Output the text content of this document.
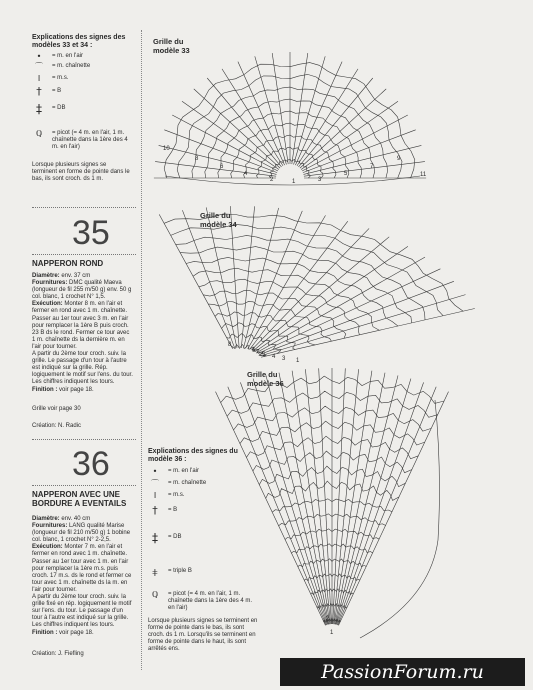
Explications des signes des modèles 33 et 34 :
•	= m. en l'air
⌒	= m. chaînette
I	= m.s.
†	= B
‡	= DB
ℚ	= picot (= 4 m. en l'air, 1 m. chaînette dans la 1ère des 4 m. en l'air)
Lorsque plusieurs signes se terminent en forme de pointe dans le bas, ils sont croch. ds 1 m.
35
NAPPERON ROND
Diamètre: env. 37 cm
Fournitures: DMC qualité Maeva (longueur de fil 255 m/50 g) env. 50 g col. blanc, 1 crochet N° 1,5.
Exécution: Monter 8 m. en l'air et fermer en rond avec 1 m. chaînette. Passer au 1er tour avec 3 m. en l'air pour remplacer la 1ère B puis croch. 23 B ds le rond. Fermer ce tour avec 1 m. chaînette ds la dernière m. en l'air pour tourner.
A partir du 2ème tour croch. suiv. la grille. Le passage d'un tour à l'autre est indiqué sur la grille. Rép. logiquement le motif sur l'ens. du tour. Les chiffres indiquent les tours.
Finition : voir page 18.
Grille voir page 30
Création: N. Radic
36
NAPPERON AVEC UNE BORDURE A EVENTAILS
Diamètre: env. 40 cm
Fournitures: LANG qualité Marise (longueur de fil 210 m/50 g) 1 bobine col. blanc, 1 crochet N° 2-2,5.
Exécution: Monter 7 m. en l'air et fermer en rond avec 1 m. chaînette. Passer au 1er tour avec 1 m. en l'air pour remplacer la 1ère m.s. puis croch. 17 m.s. ds le rond et fermer ce tour avec 1 m. chaînette ds la m. en l'air pour tourner.
A partir du 2ème tour croch. suiv. la grille fixé en rép. logiquement le motif sur l'ens. du tour. Le passage d'un tour à l'autre est indiqué sur la grille. Les chiffres indiquent les tours.
Finition : voir page 18.
Création: J. Fiefling
Explications des signes du modèle 36 :
•	= m. en l'air
⌒	= m. chaînette
I	= m.s.
†	= B
‡	= DB
⧧	= triple B
ℚ	= picot (= 4 m. en l'air, 1 m. chaînette dans la 1ère des 4 m. en l'air)
Lorsque plusieurs signes se terminent en forme de pointe dans le bas, ils sont croch. ds 1 m. Lorsqu'ils se terminent en forme de pointe dans le haut, ils sont arrêtés ens.
Grille du modèle 33
Grille du modèle 34
Grille du modèle 36
10
8
6
4
2	1	3
5
7
9
11
8
6
5 4 3 1
2
1
PassionForum.ru
